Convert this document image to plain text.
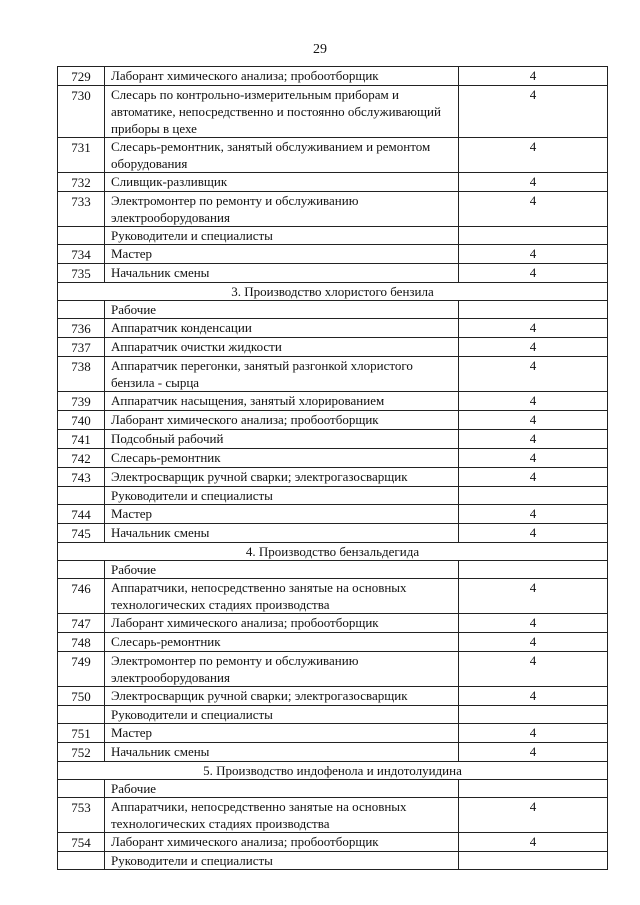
29
729	Лаборант химического анализа; пробоотборщик	4
730	Слесарь по контрольно-измерительным приборам и автоматике, непосредственно и постоянно обслуживающий приборы в цехе	4
731	Слесарь-ремонтник, занятый обслуживанием и ремонтом оборудования	4
732	Сливщик-разливщик	4
733	Электромонтер по ремонту и обслуживанию электрооборудования	4
	Руководители и специалисты	
734	Мастер	4
735	Начальник смены	4
3. Производство хлористого бензила		
	Рабочие	
736	Аппаратчик конденсации	4
737	Аппаратчик очистки жидкости	4
738	Аппаратчик перегонки, занятый разгонкой хлористого бензила - сырца	4
739	Аппаратчик насыщения, занятый хлорированием	4
740	Лаборант химического анализа; пробоотборщик	4
741	Подсобный рабочий	4
742	Слесарь-ремонтник	4
743	Электросварщик ручной сварки; электрогазосварщик	4
	Руководители и специалисты	
744	Мастер	4
745	Начальник смены	4
4. Производство бензальдегида		
	Рабочие	
746	Аппаратчики, непосредственно занятые на основных технологических стадиях производства	4
747	Лаборант химического анализа; пробоотборщик	4
748	Слесарь-ремонтник	4
749	Электромонтер по ремонту и обслуживанию электрооборудования	4
750	Электросварщик ручной сварки; электрогазосварщик	4
	Руководители и специалисты	
751	Мастер	4
752	Начальник смены	4
5. Производство индофенола и индотолуидина		
	Рабочие	
753	Аппаратчики, непосредственно занятые на основных технологических стадиях производства	4
754	Лаборант химического анализа; пробоотборщик	4
	Руководители и специалисты	
